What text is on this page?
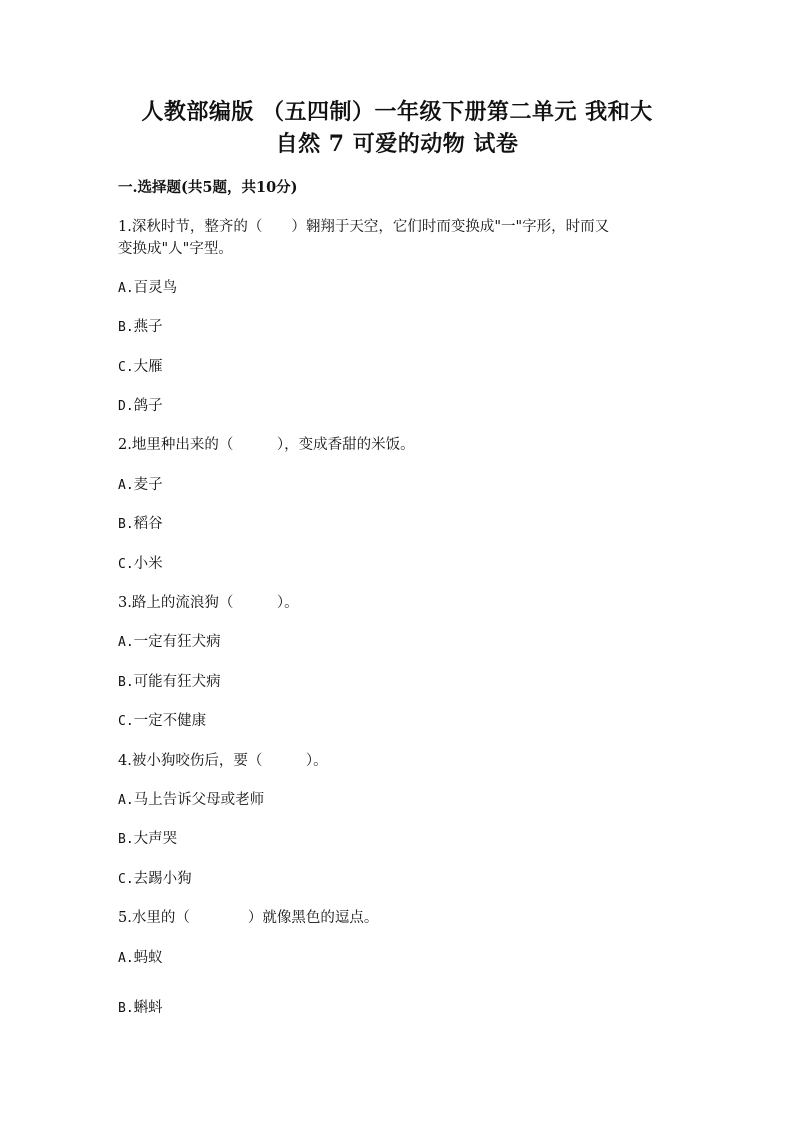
人教部编版 （五四制）一年级下册第二单元 我和大
自然 7 可爱的动物 试卷
一.选择题(共5题，共10分)
1.深秋时节，整齐的（　　）翱翔于天空，它们时而变换成"一"字形，时而又
变换成"人"字型。
A.百灵鸟
B.燕子
C.大雁
D.鸽子
2.地里种出来的（　　　），变成香甜的米饭。
A.麦子
B.稻谷
C.小米
3.路上的流浪狗（　　　）。
A.一定有狂犬病
B.可能有狂犬病
C.一定不健康
4.被小狗咬伤后，要（　　　）。
A.马上告诉父母或老师
B.大声哭
C.去踢小狗
5.水里的（　　　　）就像黑色的逗点。
A.蚂蚁
B.蝌蚪
